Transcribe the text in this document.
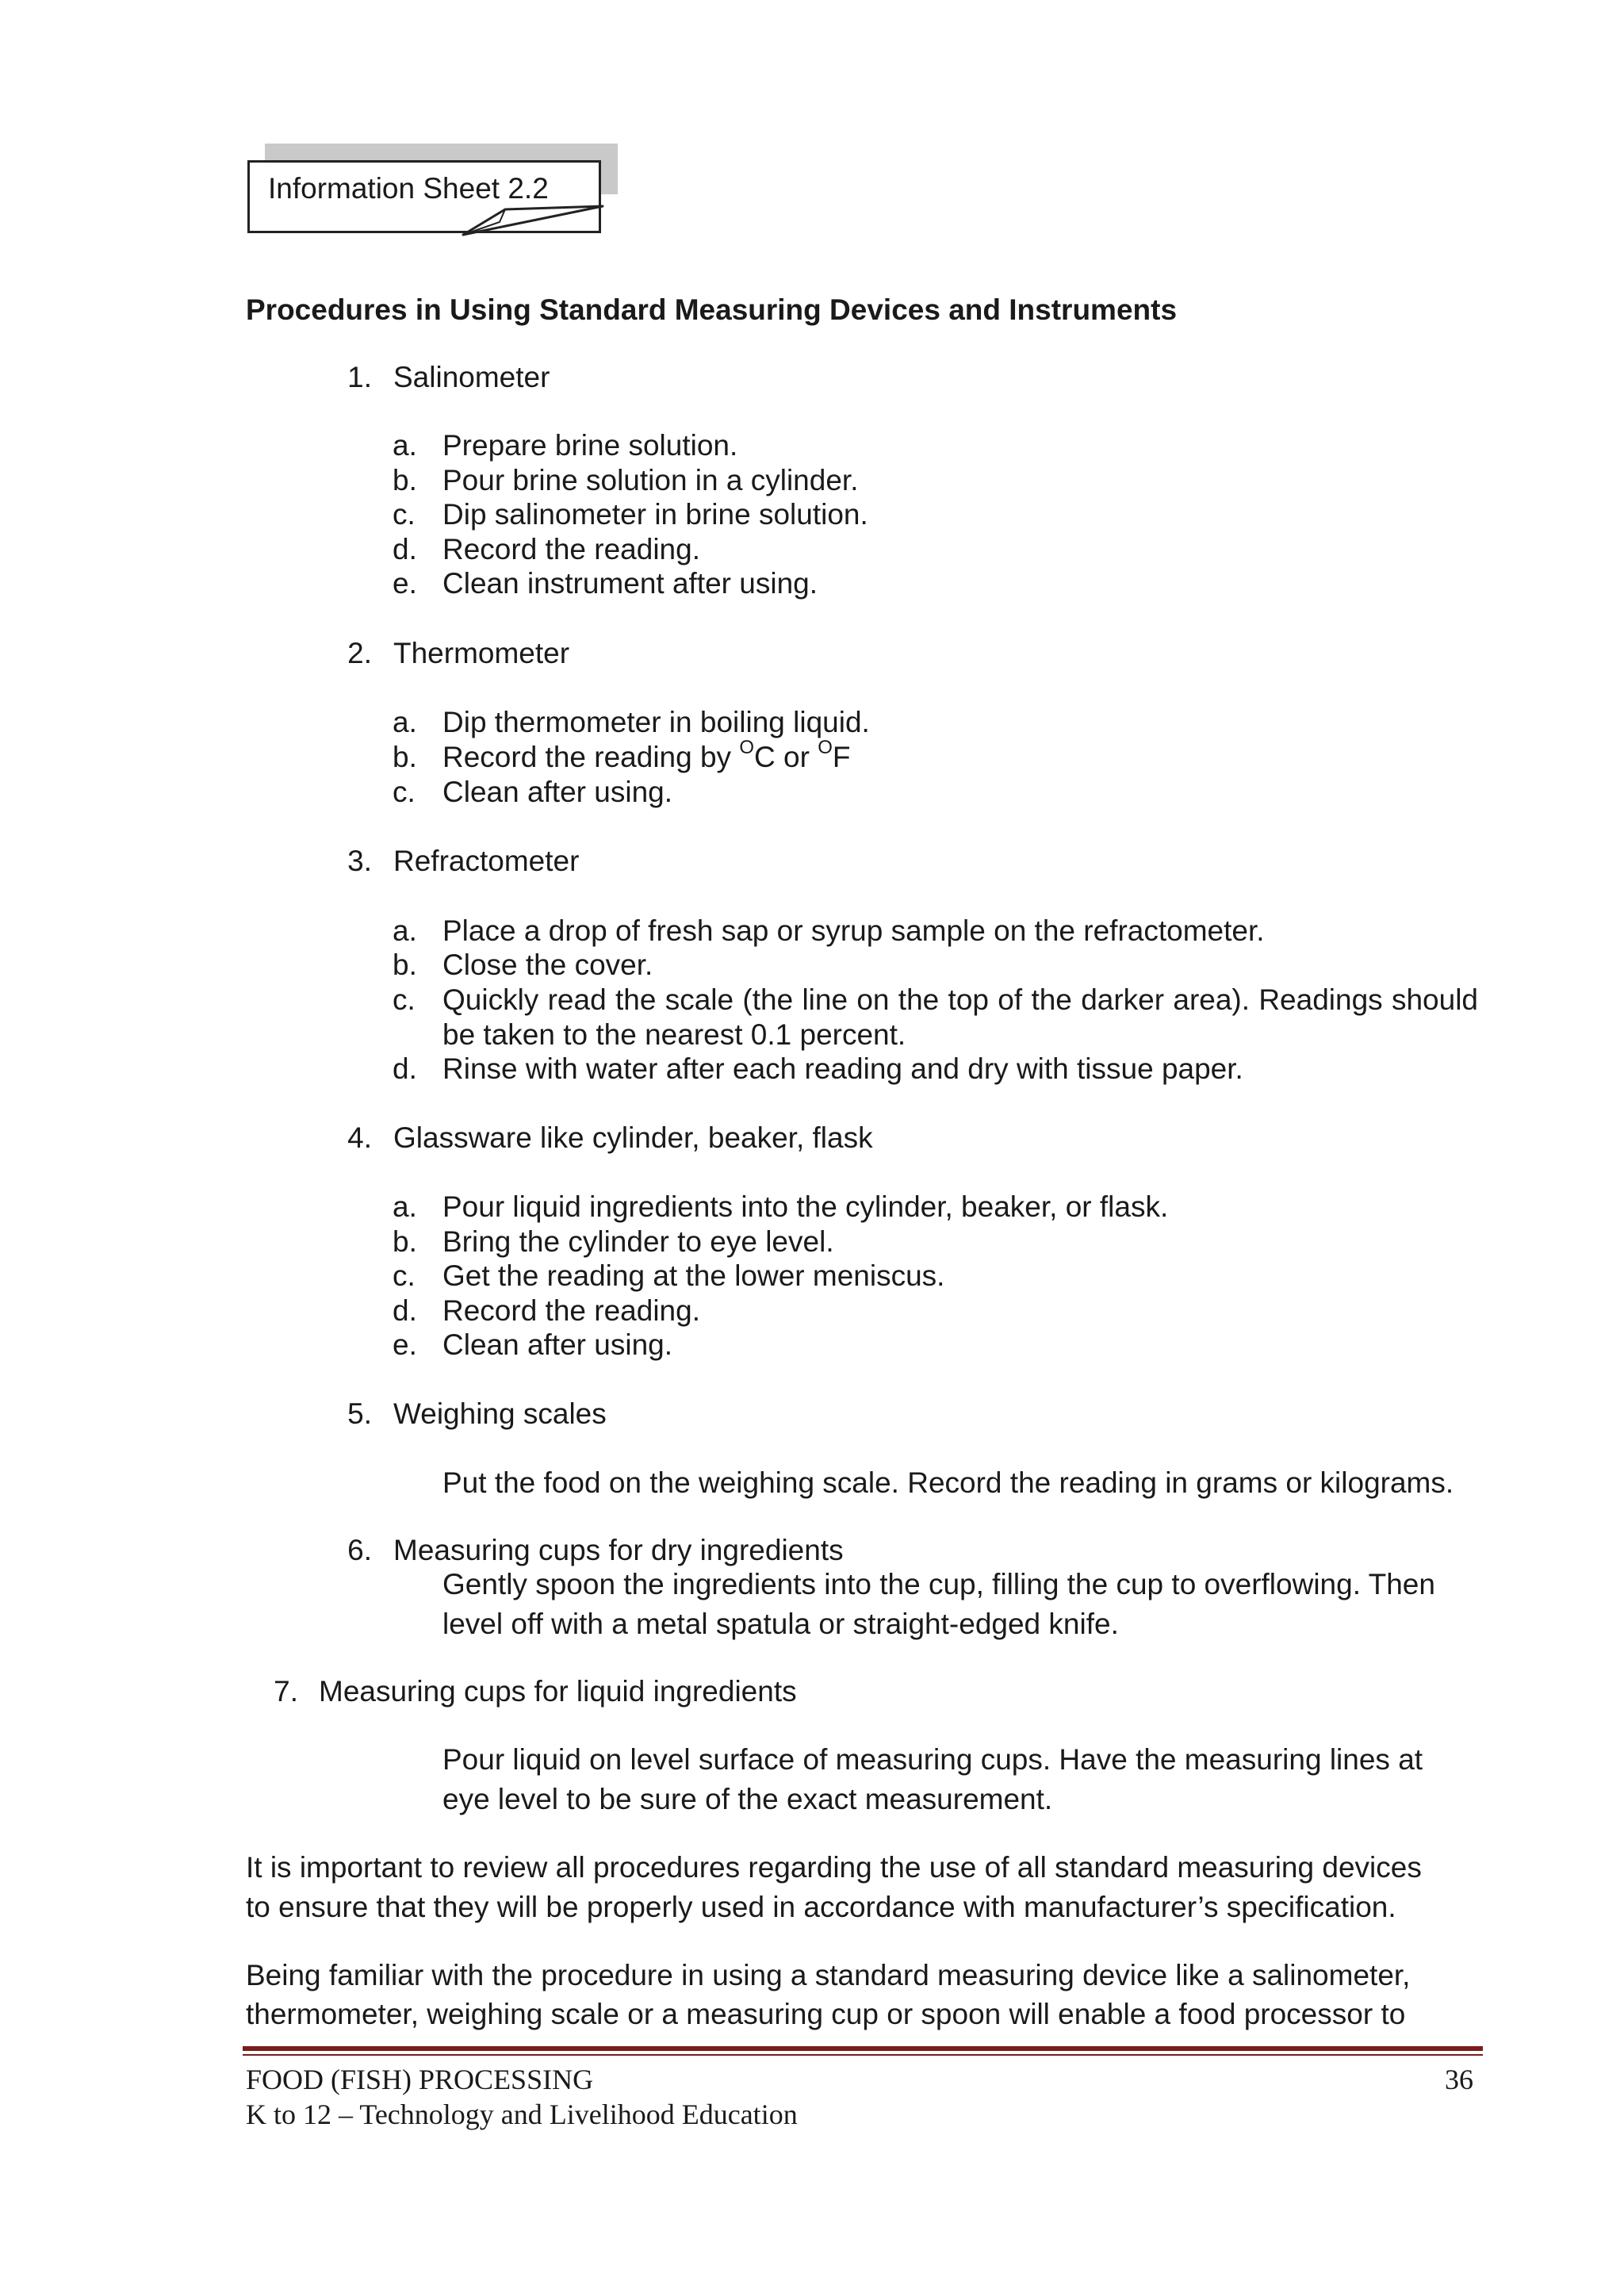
Information Sheet 2.2
Procedures in Using Standard Measuring Devices and Instruments
1. Salinometer
a. Prepare brine solution.
b. Pour brine solution in a cylinder.
c. Dip salinometer in brine solution.
d. Record the reading.
e. Clean instrument after using.
2. Thermometer
a. Dip thermometer in boiling liquid.
b. Record the reading by $^O$C or $^O$F
c. Clean after using.
3. Refractometer
a. Place a drop of fresh sap or syrup sample on the refractometer.
b. Close the cover.
c. Quickly read the scale (the line on the top of the darker area). Readings should be taken to the nearest 0.1 percent.
d. Rinse with water after each reading and dry with tissue paper.
4. Glassware like cylinder, beaker, flask
a. Pour liquid ingredients into the cylinder, beaker, or flask.
b. Bring the cylinder to eye level.
c. Get the reading at the lower meniscus.
d. Record the reading.
e. Clean after using.
5. Weighing scales
Put the food on the weighing scale. Record the reading in grams or kilograms.
6. Measuring cups for dry ingredients
Gently spoon the ingredients into the cup, filling the cup to overflowing. Then
level off with a metal spatula or straight-edged knife.
7. Measuring cups for liquid ingredients
Pour liquid on level surface of measuring cups. Have the measuring lines at
eye level to be sure of the exact measurement.
It is important to review all procedures regarding the use of all standard measuring devices
to ensure that they will be properly used in accordance with manufacturer’s specification.
Being familiar with the procedure in using a standard measuring device like a salinometer,
thermometer, weighing scale or a measuring cup or spoon will enable a food processor to
FOOD (FISH) PROCESSING
K to 12 – Technology and Livelihood Education
36
